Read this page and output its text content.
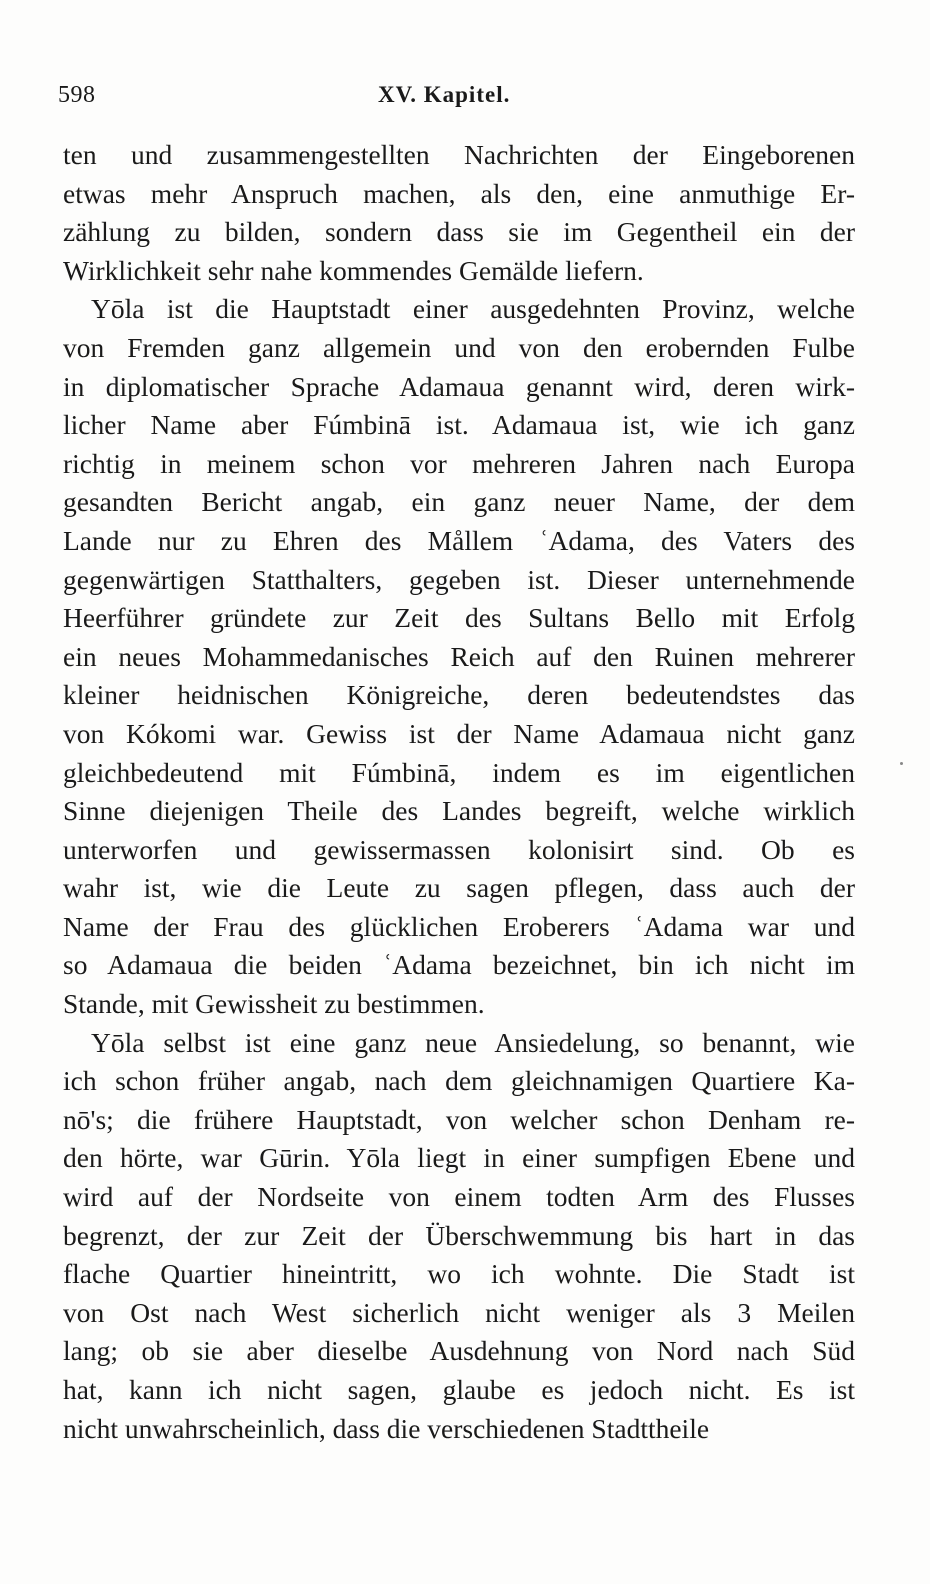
598	XV. Kapitel.
ten und zusammengestellten Nachrichten der Eingeborenen
etwas mehr Anspruch machen, als den, eine anmuthige Er-
zählung zu bilden, sondern dass sie im Gegentheil ein der
Wirklichkeit sehr nahe kommendes Gemälde liefern.
Yōla ist die Hauptstadt einer ausgedehnten Provinz, welche
von Fremden ganz allgemein und von den erobernden Fulbe
in diplomatischer Sprache Adamaua genannt wird, deren wirk-
licher Name aber Fúmbinā ist. Adamaua ist, wie ich ganz
richtig in meinem schon vor mehreren Jahren nach Europa
gesandten Bericht angab, ein ganz neuer Name, der dem
Lande nur zu Ehren des Mållem ʿAdama, des Vaters des
gegenwärtigen Statthalters, gegeben ist. Dieser unternehmende
Heerführer gründete zur Zeit des Sultans Bello mit Erfolg
ein neues Mohammedanisches Reich auf den Ruinen mehrerer
kleiner heidnischen Königreiche, deren bedeutendstes das
von Kókomi war. Gewiss ist der Name Adamaua nicht ganz
gleichbedeutend mit Fúmbinā, indem es im eigentlichen
Sinne diejenigen Theile des Landes begreift, welche wirklich
unterworfen und gewissermassen kolonisirt sind. Ob es
wahr ist, wie die Leute zu sagen pflegen, dass auch der
Name der Frau des glücklichen Eroberers ʿAdama war und
so Adamaua die beiden ʿAdama bezeichnet, bin ich nicht im
Stande, mit Gewissheit zu bestimmen.
Yōla selbst ist eine ganz neue Ansiedelung, so benannt, wie
ich schon früher angab, nach dem gleichnamigen Quartiere Ka-
nō's; die frühere Hauptstadt, von welcher schon Denham re-
den hörte, war Gūrin. Yōla liegt in einer sumpfigen Ebene und
wird auf der Nordseite von einem todten Arm des Flusses
begrenzt, der zur Zeit der Überschwemmung bis hart in das
flache Quartier hineintritt, wo ich wohnte. Die Stadt ist
von Ost nach West sicherlich nicht weniger als 3 Meilen
lang; ob sie aber dieselbe Ausdehnung von Nord nach Süd
hat, kann ich nicht sagen, glaube es jedoch nicht. Es ist
nicht unwahrscheinlich, dass die verschiedenen Stadttheile
